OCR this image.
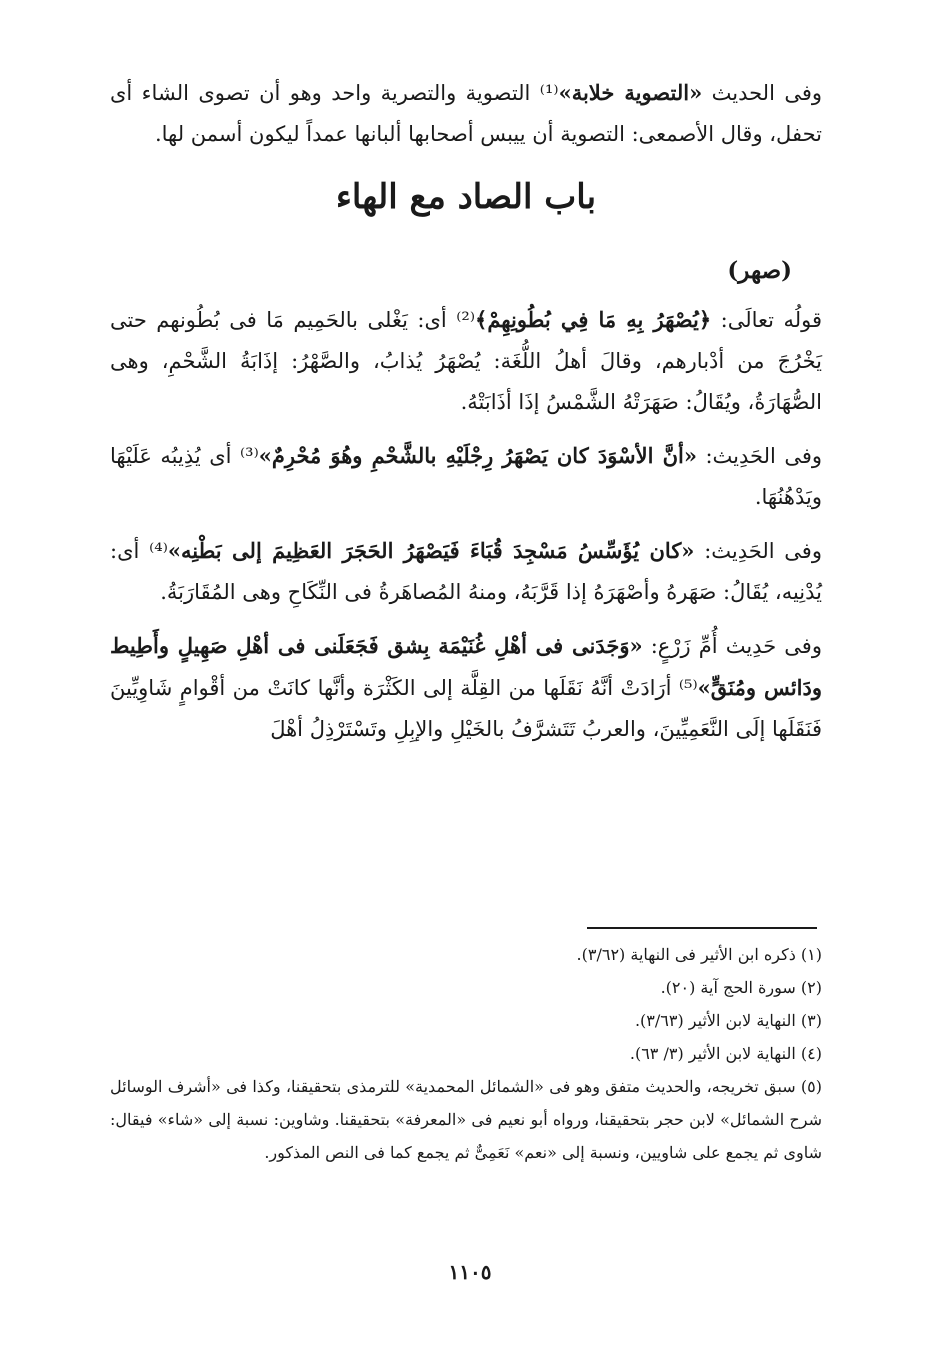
وفى الحديث «التصوية خلابة»⁽¹⁾ التصوية والتصرية واحد وهو أن تصوى الشاء أى تحفل، وقال الأصمعى: التصوية أن ييبس أصحابها ألبانها عمداً ليكون أسمن لها.

باب الصاد مع الهاء
(صهر)

قولُه تعالَى: ﴿يُصْهَرُ بِهِ مَا فِي بُطُونِهِمْ﴾⁽²⁾ أى: يَغْلى بالحَمِيم مَا فى بُطُونهم حتى يَخْرُجَ من أدْبارهم، وقالَ أهلُ اللُّغَة: يُصْهَرُ يُذابُ، والصَّهْرُ: إذَابَةُ الشَّحْمِ، وهى الصُّهَارَةُ، ويُقَالُ: صَهَرَتْهُ الشَّمْسُ إذَا أذَابَتْهُ.

وفى الحَدِيث: «أنَّ الأسْوَدَ كان يَصْهَرُ رِجْلَيْهِ بالشَّحْمِ وهُوَ مُحْرِمٌ»⁽³⁾ أى يُذِيبُه عَلَيْهَا ويَدْهُنُهَا.

وفى الحَدِيث: «كان يُؤَسِّسُ مَسْجِدَ قُبَاءَ فَيَصْهَرُ الحَجَرَ العَظِيمَ إلى بَطْنِه»⁽⁴⁾ أى: يُدْنِيه، يُقَالُ: صَهَرهُ وأصْهَرَهُ إذا قَرَّبَهُ، ومنهُ المُصاهَرةُ فى النِّكَاحِ وهى المُقَارَبَةُ.

وفى حَدِيث أُمِّ زَرْعٍ: «وَجَدَنى فى أهْلِ غُنَيْمَة بِشق فَجَعَلَنى فى أهْلِ صَهِيلٍ وأَطِيط ودَائس ومُنَقٍّ»⁽⁵⁾ أرَادَتْ أنَّهُ نَقَلَها من القِلَّة إلى الكَثْرَة وأنَّها كانَتْ من أقْوامٍ شَاوِيِّينَ فَنَقَلَها إلَى النَّعَمِيِّينَ، والعربُ تَتَشرَّفُ بالخَيْلِ والإبِلِ وتَسْتَرْذِلُ أهْلَ

(١) ذكره ابن الأثير فى النهاية (٣/٦٢).

(٢) سورة الحج آية (٢٠).

(٣) النهاية لابن الأثير (٣/٦٣).

(٤) النهاية لابن الأثير (٣/ ٦٣).

(٥) سبق تخريجه، والحديث متفق وهو فى «الشمائل المحمدية» للترمذى بتحقيقنا، وكذا فى «أشرف الوسائل شرح الشمائل» لابن حجر بتحقيقنا، ورواه أبو نعيم فى «المعرفة» بتحقيقنا. وشاوين: نسبة إلى «شاء» فيقال: شاوى ثم يجمع على شاويين، ونسبة إلى «نعم» نَعَمِىٌّ ثم يجمع كما فى النص المذكور.

١١٠٥
